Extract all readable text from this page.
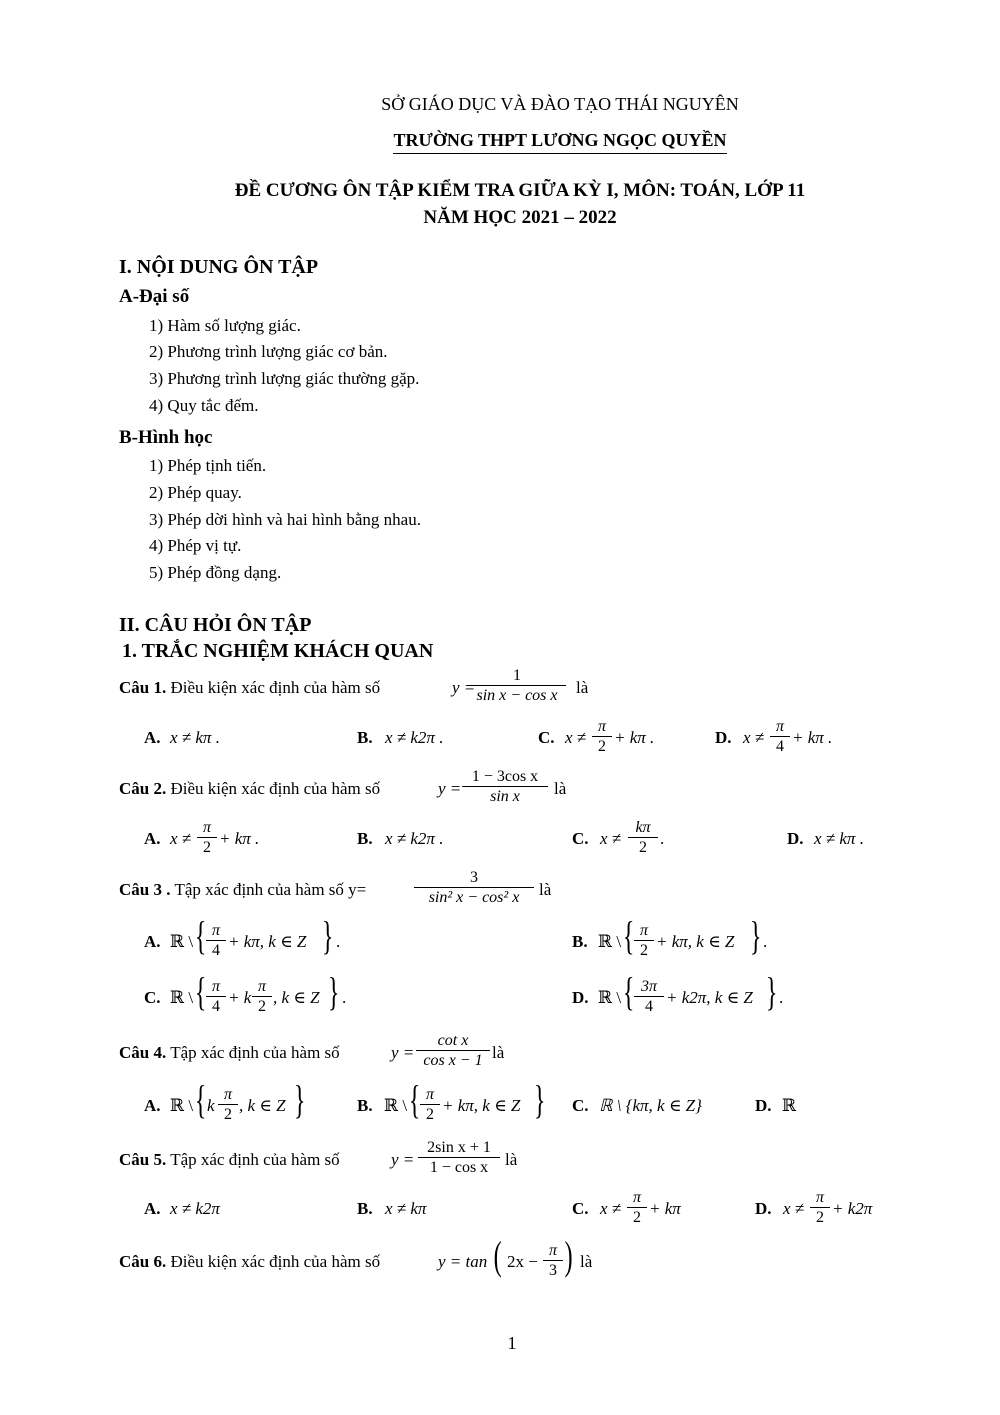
SỞ GIÁO DỤC VÀ ĐÀO TẠO THÁI NGUYÊN
TRƯỜNG THPT LƯƠNG NGỌC QUYỀN
ĐỀ CƯƠNG ÔN TẬP KIỂM TRA GIỮA KỲ I, MÔN: TOÁN, LỚP 11
NĂM HỌC 2021 – 2022
I. NỘI DUNG ÔN TẬP
A-Đại số
1) Hàm số lượng giác.
2) Phương trình lượng giác cơ bản.
3) Phương trình lượng giác thường gặp.
4) Quy tắc đếm.
B-Hình học
1) Phép tịnh tiến.
2) Phép quay.
3) Phép dời hình và hai hình bằng nhau.
4) Phép vị tự.
5) Phép đồng dạng.
II. CÂU HỎI ÔN TẬP
1. TRẮC NGHIỆM KHÁCH QUAN
Câu 1. Điều kiện xác định của hàm số	y =
$\frac{1}{\text{sin x − cos x}}$ là
A. x ≠ kπ .	B. x ≠ k2π .	C. $x \ne \frac{\pi}{2} + k\pi$ .	D. $x \ne \frac{\pi}{4} + k\pi$ .
Câu 2. Điều kiện xác định của hàm số	$y = \frac{\text{1 − 3cos x}}{\text{sin x}}$ là
A. $x \ne \frac{\pi}{2} + k\pi$ .	B. x ≠ k2π .	C. $x \ne \frac{k\pi}{2}$ .	D. x ≠ kπ .
Câu 3 . Tập xác định của hàm số y=	$\frac{3}{\text{sin² x − cos² x}}$ là
A. ℝ \ { $\frac{\pi}{4} + k\pi$, k ∈ Z } .	B. ℝ \ { $\frac{\pi}{2} + k\pi$, k ∈ Z } .
C. ℝ \ { $\frac{\pi}{4} + k \frac{\pi}{2}$ , k ∈ Z } .	D. ℝ \ { $\frac{3\pi}{4} + k2\pi$, k ∈ Z } .
Câu 4. Tập xác định của hàm số	$y = \frac{\text{cot x}}{\text{cos x − 1}}$ là
A. ℝ \ { k $\frac{\pi}{2}$ , k ∈ Z }	B. ℝ \ { $\frac{\pi}{2} + k\pi$, k ∈ Z } C. ℝ \ {kπ, k ∈ Z}	D. ℝ
Câu 5. Tập xác định của hàm số	$y = \frac{\text{2sin x + 1}}{\text{1 − cos x}}$ là
A. x ≠ k2π	B. x ≠ kπ	C. $x \ne \frac{\pi}{2} + k\pi$	D. $x \ne \frac{\pi}{2} + k2\pi$
Câu 6. Điều kiện xác định của hàm số	y = tan ( $2x - \frac{\pi}{3}$ ) là
1
